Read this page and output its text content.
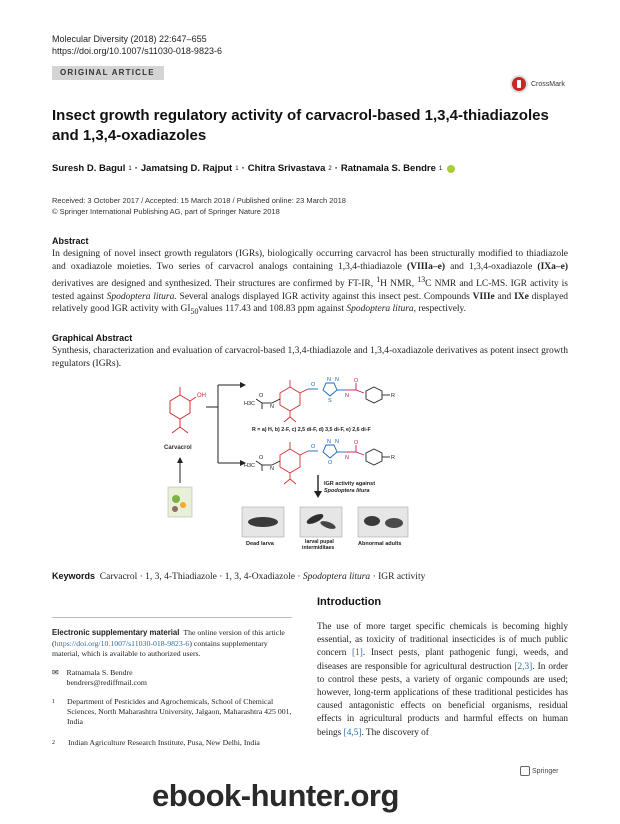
Molecular Diversity (2018) 22:647–655
https://doi.org/10.1007/s11030-018-9823-6
ORIGINAL ARTICLE
CrossMark
Insect growth regulatory activity of carvacrol-based 1,3,4-thiadiazoles and 1,3,4-oxadiazoles
Suresh D. Bagul 1 · Jamatsing D. Rajput 1 · Chitra Srivastava 2 · Ratnamala S. Bendre 1
Received: 3 October 2017 / Accepted: 15 March 2018 / Published online: 23 March 2018
© Springer International Publishing AG, part of Springer Nature 2018
Abstract

In designing of novel insect growth regulators (IGRs), biologically occurring carvacrol has been structurally modified to thiadiazole and oxadiazole moieties. Two series of carvacrol analogs containing 1,3,4-thiadiazole (VIIIa–e) and 1,3,4-oxadiazole (IXa–e) derivatives are designed and synthesized. Their structures are confirmed by FT-IR, $^1$H NMR, $^{13}$C NMR and LC-MS. IGR activity is tested against Spodoptera litura. Several analogs displayed IGR activity against this insect pest. Compounds VIIIe and IXe displayed relatively good IGR activity with $GI_{50}values$ 117.43 and 108.83 ppm against Spodoptera litura, respectively.

Graphical Abstract

Synthesis, characterization and evaluation of carvacrol-based 1,3,4-thiadiazole and 1,3,4-oxadiazole derivatives as potent insect growth regulators (IGRs).

OH
Carvacrol
H3C	N
O
O
N N
S
N
O
R
R = a) H, b) 2-F, c) 2,5 di-F, d) 3,5 di-F, e) 2,6 di-F
H3C	N
O
O
N N
O
N
O
R
IGR activity against
Spodoptera litura
Dead larva	larval pupal
intermiditaes
Abnormal adults
Keywords Carvacrol · 1, 3, 4-Thiadiazole · 1, 3, 4-Oxadiazole · Spodoptera litura · IGR activity
Introduction

The use of more target specific chemicals is becoming highly essential, as toxicity of traditional insecticides is of much public concern [1]. Insect pests, plant pathogenic fungi, weeds, and diseases are responsible for agricultural destruction [2,3]. In order to control these pests, a variety of organic compounds are used; however, long-term applications of these traditional pesticides has caused antagonistic effects on beneficial organisms, residual effects in agricultural products and harmful effects on human beings [4,5]. The discovery of

Electronic supplementary material The online version of this article (https://doi.org/10.1007/s11030-018-9823-6) contains supplementary material, which is available to authorized users.

✉ Ratnamala S. Bendre
bendrers@rediffmail.com
1 Department of Pesticides and Agrochemicals, School of Chemical Sciences, North Maharashtra University, Jalgaon, Maharashtra 425 001, India
2 Indian Agriculture Research Institute, Pusa, New Delhi, India
Springer
ebook-hunter.org
